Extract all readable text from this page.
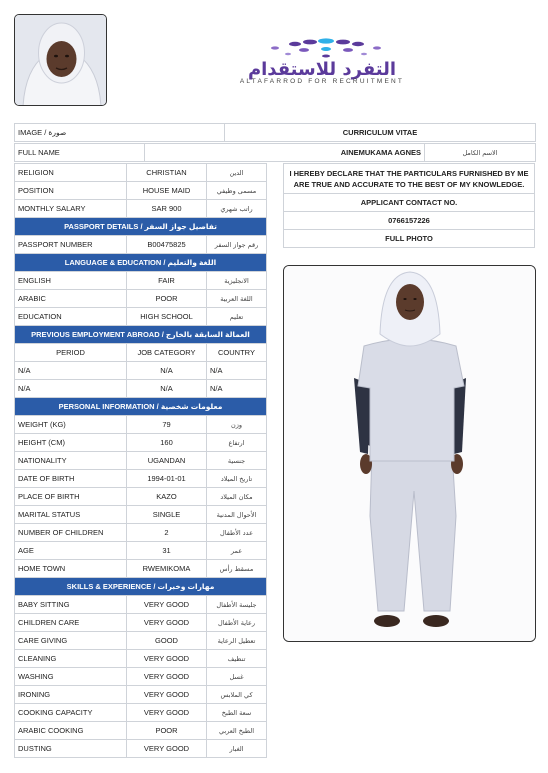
التفرد للاستقدام
ALTAFARROD FOR RECRUITMENT
IMAGE / صورة	CURRICULUM VITAE
FULL NAME	AINEMUKAMA AGNES	الاسم الكامل
RELIGION	CHRISTIAN	الدين
POSITION	HOUSE MAID	مسمى وظيفي
MONTHLY SALARY	SAR 900	راتب شهري
PASSPORT DETAILS / تفاصيل جواز السفر		
PASSPORT NUMBER	B00475825	رقم جواز السفر
LANGUAGE & EDUCATION / اللغة والتعليم		
ENGLISH	FAIR	الانجليزية
ARABIC	POOR	اللغة العربية
EDUCATION	HIGH SCHOOL	تعليم
PREVIOUS EMPLOYMENT ABROAD / العمالة السابقة بالخارج		
PERIOD	JOB CATEGORY	COUNTRY
N/A	N/A	N/A
N/A	N/A	N/A
PERSONAL INFORMATION / معلومات شخصية		
WEIGHT (KG)	79	وزن
HEIGHT (CM)	160	ارتفاع
NATIONALITY	UGANDAN	جنسية
DATE OF BIRTH	1994-01-01	تاريخ الميلاد
PLACE OF BIRTH	KAZO	مكان الميلاد
MARITAL STATUS	SINGLE	الأحوال المدنية
NUMBER OF CHILDREN	2	عدد الأطفال
AGE	31	عمر
HOME TOWN	RWEMIKOMA	مسقط رأس
SKILLS & EXPERIENCE / مهارات وخبرات		
BABY SITTING	VERY GOOD	جليسة الأطفال
CHILDREN CARE	VERY GOOD	رعاية الأطفال
CARE GIVING	GOOD	تعطيل الرعاية
CLEANING	VERY GOOD	تنظيف
WASHING	VERY GOOD	غسل
IRONING	VERY GOOD	كي الملابس
COOKING CAPACITY	VERY GOOD	سعة الطبخ
ARABIC COOKING	POOR	الطبخ العربي
DUSTING	VERY GOOD	الغبار
I HEREBY DECLARE THAT THE PARTICULARS FURNISHED BY ME ARE TRUE AND ACCURATE TO THE BEST OF MY KNOWLEDGE.
APPLICANT CONTACT NO.
0766157226
FULL PHOTO
